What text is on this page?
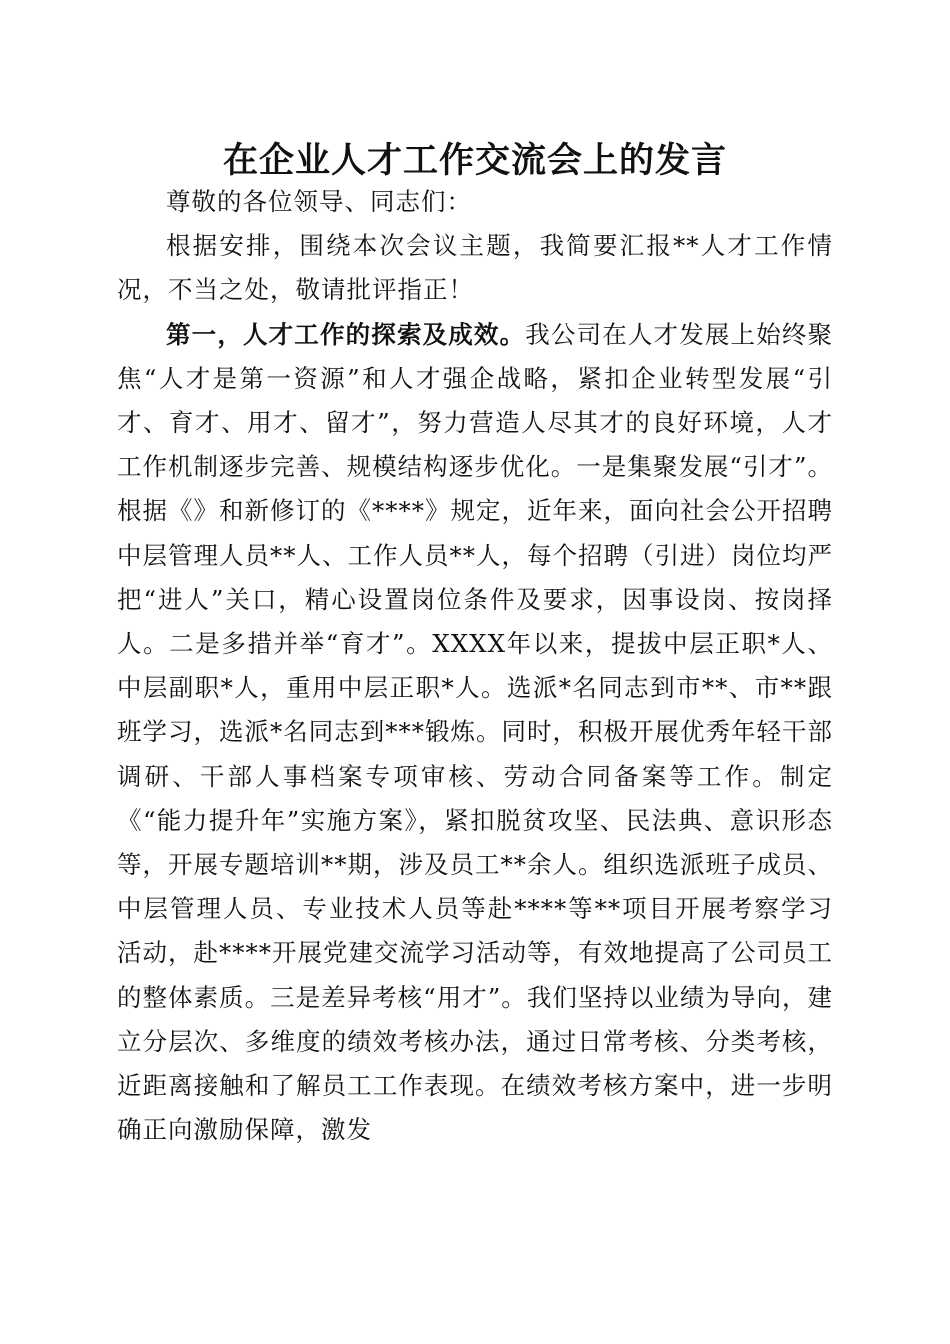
在企业人才工作交流会上的发言

尊敬的各位领导、同志们：

根据安排，围绕本次会议主题，我简要汇报**人才工作情况，不当之处，敬请批评指正！

第一，人才工作的探索及成效。我公司在人才发展上始终聚焦“人才是第一资源”和人才强企战略，紧扣企业转型发展“引才、育才、用才、留才”，努力营造人尽其才的良好环境，人才工作机制逐步完善、规模结构逐步优化。一是集聚发展“引才”。根据《》和新修订的《****》规定，近年来，面向社会公开招聘中层管理人员**人、工作人员**人，每个招聘（引进）岗位均严把“进人”关口，精心设置岗位条件及要求，因事设岗、按岗择人。二是多措并举“育才”。XXXX年以来，提拔中层正职*人、中层副职*人，重用中层正职*人。选派*名同志到市**、市**跟班学习，选派*名同志到***锻炼。同时，积极开展优秀年轻干部调研、干部人事档案专项审核、劳动合同备案等工作。制定《“能力提升年”实施方案》，紧扣脱贫攻坚、民法典、意识形态等，开展专题培训**期，涉及员工**余人。组织选派班子成员、中层管理人员、专业技术人员等赴****等**项目开展考察学习活动，赴****开展党建交流学习活动等，有效地提高了公司员工的整体素质。三是差异考核“用才”。我们坚持以业绩为导向，建立分层次、多维度的绩效考核办法，通过日常考核、分类考核，近距离接触和了解员工工作表现。在绩效考核方案中，进一步明确正向激励保障，激发
